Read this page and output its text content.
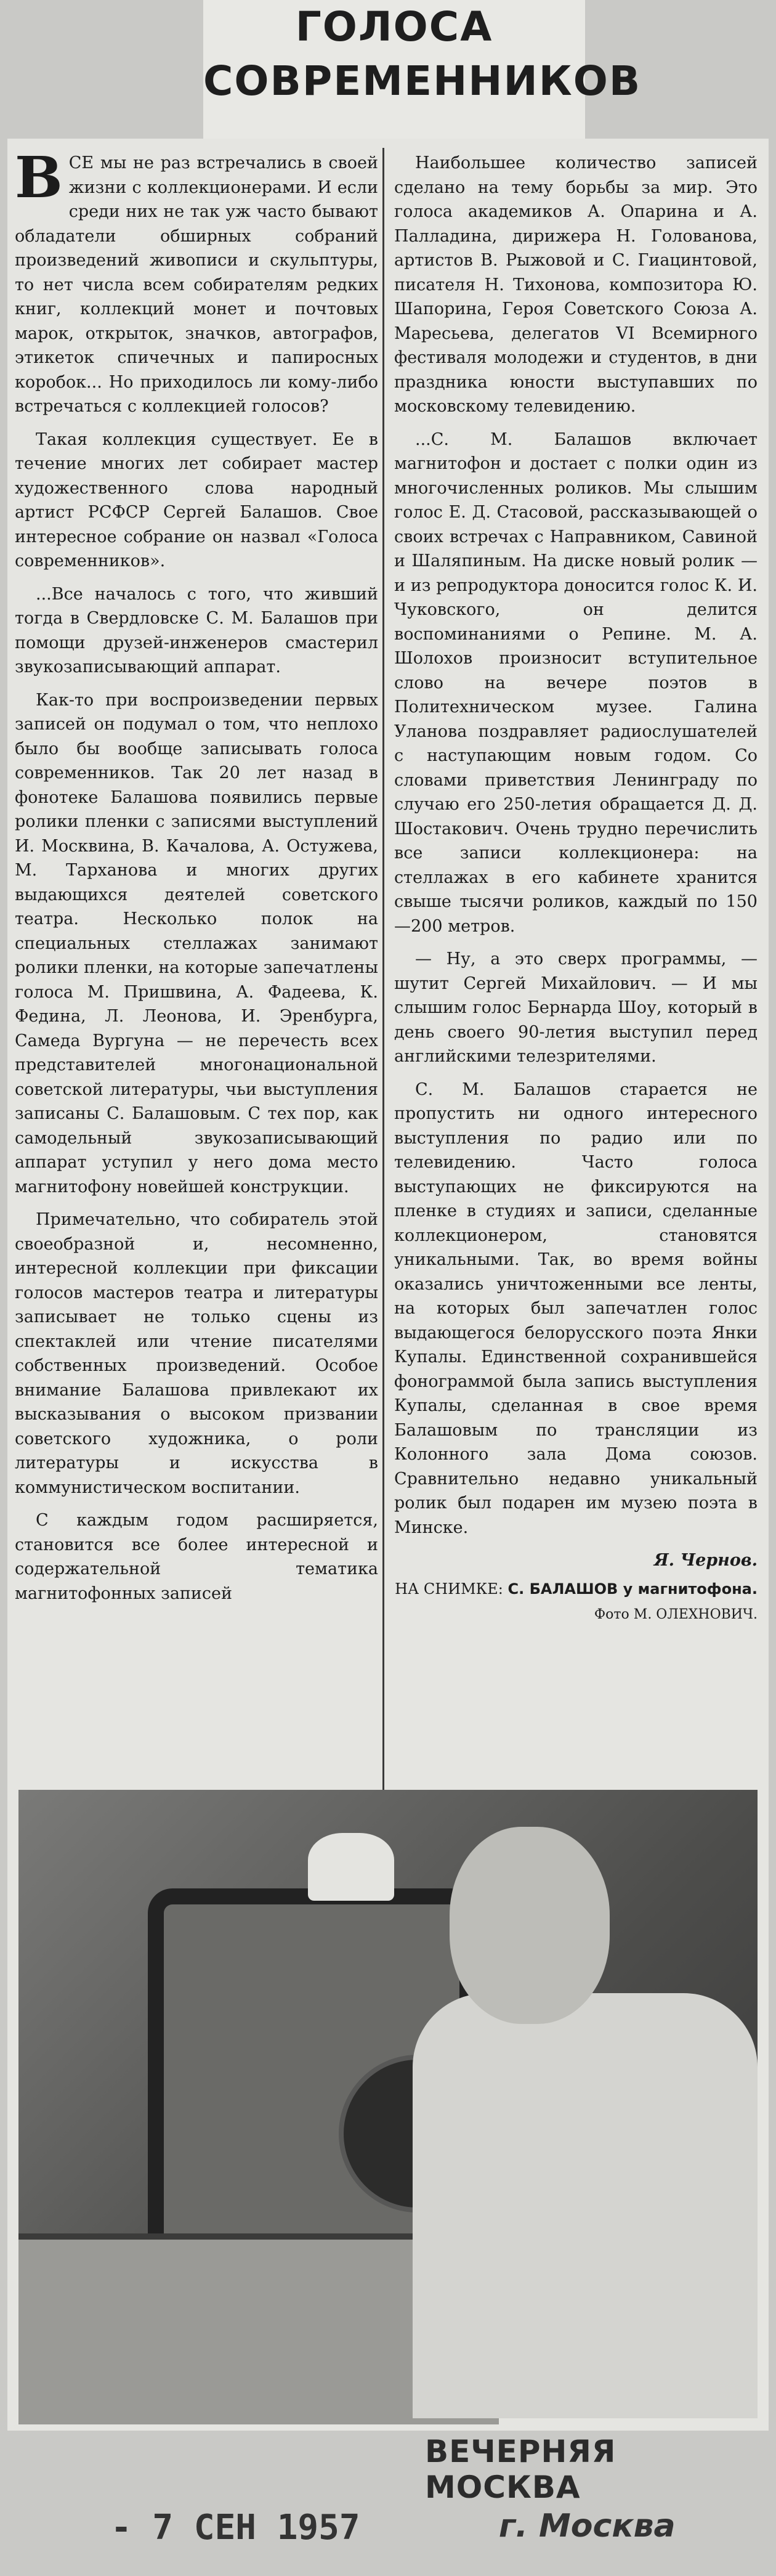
ГОЛОСА
СОВРЕМЕННИКОВ

ВСЕ мы не раз встречались в своей жизни с коллекционерами. И если среди них не так уж часто бывают обладатели обширных собраний произведений живописи и скульптуры, то нет числа всем собирателям редких книг, коллекций монет и почтовых марок, открыток, значков, автографов, этикеток спичечных и папиросных коробок... Но приходилось ли кому-либо встречаться с коллекцией голосов?

Такая коллекция существует. Ее в течение многих лет собирает мастер художественного слова народный артист РСФСР Сергей Балашов. Свое интересное собрание он назвал «Голоса современников».

...Все началось с того, что живший тогда в Свердловске С. М. Балашов при помощи друзей-инженеров смастерил звукозаписывающий аппарат.

Как-то при воспроизведении первых записей он подумал о том, что неплохо было бы вообще записывать голоса современников. Так 20 лет назад в фонотеке Балашова появились первые ролики пленки с записями выступлений И. Москвина, В. Качалова, А. Остужева, М. Тарханова и многих других выдающихся деятелей советского театра. Несколько полок на специальных стеллажах занимают ролики пленки, на которые запечатлены голоса М. Пришвина, А. Фадеева, К. Федина, Л. Леонова, И. Эренбурга, Самеда Вургуна — не перечесть всех представителей многонациональной советской литературы, чьи выступления записаны С. Балашовым. С тех пор, как самодельный звукозаписывающий аппарат уступил у него дома место магнитофону новейшей конструкции.

Примечательно, что собиратель этой своеобразной и, несомненно, интересной коллекции при фиксации голосов мастеров театра и литературы записывает не только сцены из спектаклей или чтение писателями собственных произведений. Особое внимание Балашова привлекают их высказывания о высоком призвании советского художника, о роли литературы и искусства в коммунистическом воспитании.

С каждым годом расширяется, становится все более интересной и содержательной тематика магнитофонных записей

Наибольшее количество записей сделано на тему борьбы за мир. Это голоса академиков А. Опарина и А. Палладина, дирижера Н. Голованова, артистов В. Рыжовой и С. Гиацинтовой, писателя Н. Тихонова, композитора Ю. Шапорина, Героя Советского Союза А. Маресьева, делегатов VI Всемирного фестиваля молодежи и студентов, в дни праздника юности выступавших по московскому телевидению.

...С. М. Балашов включает магнитофон и достает с полки один из многочисленных роликов. Мы слышим голос Е. Д. Стасовой, рассказывающей о своих встречах с Направником, Савиной и Шаляпиным. На диске новый ролик — и из репродуктора доносится голос К. И. Чуковского, он делится воспоминаниями о Репине. М. А. Шолохов произносит вступительное слово на вечере поэтов в Политехническом музее. Галина Уланова поздравляет радиослушателей с наступающим новым годом. Со словами приветствия Ленинграду по случаю его 250-летия обращается Д. Д. Шостакович. Очень трудно перечислить все записи коллекционера: на стеллажах в его кабинете хранится свыше тысячи роликов, каждый по 150—200 метров.

— Ну, а это сверх программы, — шутит Сергей Михайлович. — И мы слышим голос Бернарда Шоу, который в день своего 90-летия выступил перед английскими телезрителями.

С. М. Балашов старается не пропустить ни одного интересного выступления по радио или по телевидению. Часто голоса выступающих не фиксируются на пленке в студиях и записи, сделанные коллекционером, становятся уникальными. Так, во время войны оказались уничтоженными все ленты, на которых был запечатлен голос выдающегося белорусского поэта Янки Купалы. Единственной сохранившейся фонограммой была запись выступления Купалы, сделанная в свое время Балашовым по трансляции из Колонного зала Дома союзов. Сравнительно недавно уникальный ролик был подарен им музею поэта в Минске.

Я. Чернов.
НА СНИМКЕ: С. БАЛАШОВ у магнитофона.
Фото М. ОЛЕХНОВИЧ.
ВЕЧЕРНЯЯ МОСКВА
- 7 СЕН 1957	г. Москва
